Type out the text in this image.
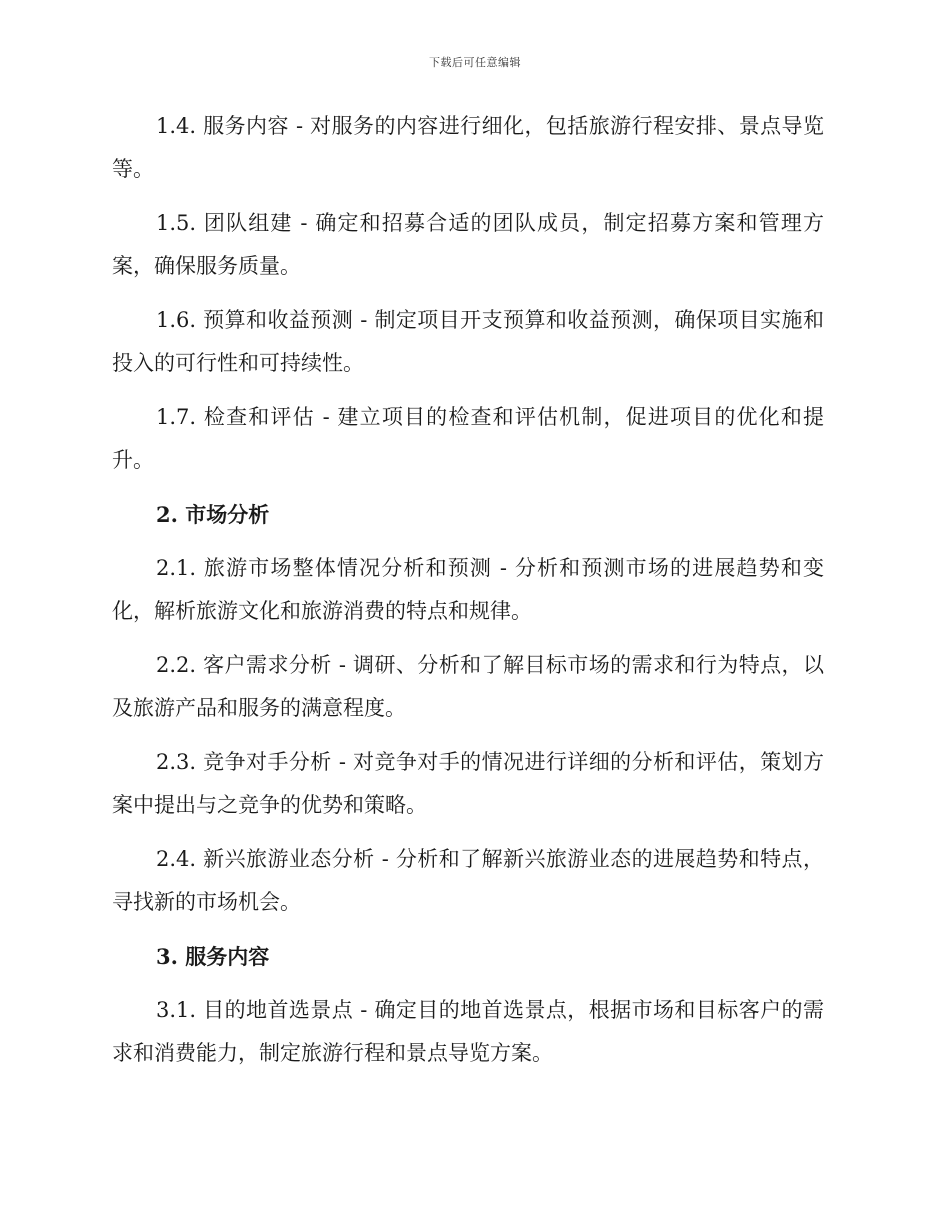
下载后可任意编辑

1.4. 服务内容 - 对服务的内容进行细化，包括旅游行程安排、景点导览等。

1.5. 团队组建 - 确定和招募合适的团队成员，制定招募方案和管理方案，确保服务质量。

1.6. 预算和收益预测 - 制定项目开支预算和收益预测，确保项目实施和投入的可行性和可持续性。

1.7. 检查和评估 - 建立项目的检查和评估机制，促进项目的优化和提升。

2. 市场分析

2.1. 旅游市场整体情况分析和预测 - 分析和预测市场的进展趋势和变化，解析旅游文化和旅游消费的特点和规律。

2.2. 客户需求分析 - 调研、分析和了解目标市场的需求和行为特点，以及旅游产品和服务的满意程度。

2.3. 竞争对手分析 - 对竞争对手的情况进行详细的分析和评估，策划方案中提出与之竞争的优势和策略。

2.4. 新兴旅游业态分析 - 分析和了解新兴旅游业态的进展趋势和特点，寻找新的市场机会。

3. 服务内容

3.1. 目的地首选景点 - 确定目的地首选景点，根据市场和目标客户的需求和消费能力，制定旅游行程和景点导览方案。
